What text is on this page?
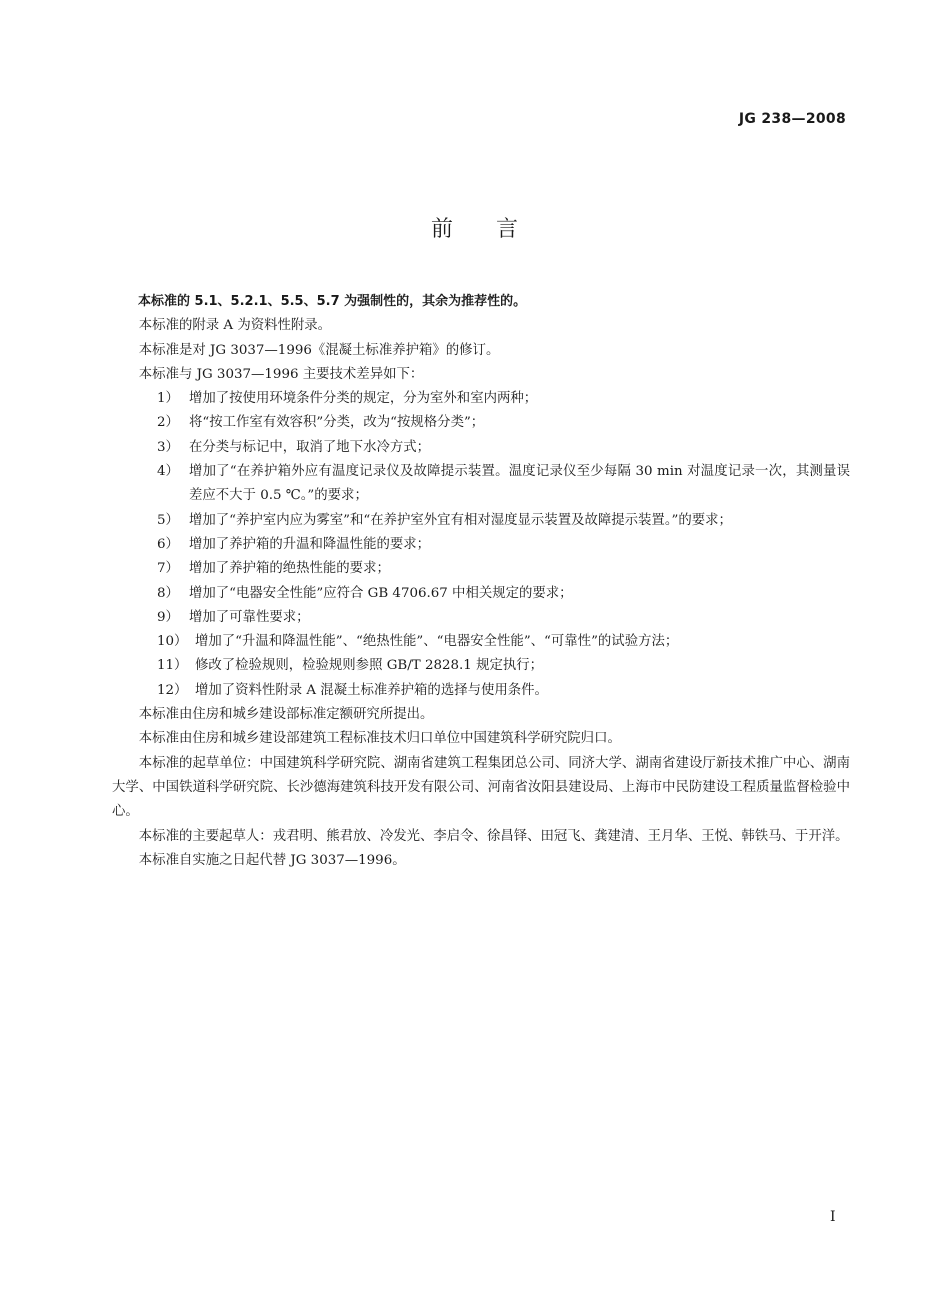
JG 238—2008
前 言

本标准的 5.1、5.2.1、5.5、5.7 为强制性的，其余为推荐性的。

本标准的附录 A 为资料性附录。

本标准是对 JG 3037—1996《混凝土标准养护箱》的修订。

本标准与 JG 3037—1996 主要技术差异如下：

1） 增加了按使用环境条件分类的规定，分为室外和室内两种；
2） 将“按工作室有效容积”分类，改为“按规格分类”；
3） 在分类与标记中，取消了地下水冷方式；
4） 增加了“在养护箱外应有温度记录仪及故障提示装置。温度记录仪至少每隔 30 min 对温度记录一次，其测量误差应不大于 0.5 ℃。”的要求；
5） 增加了“养护室内应为雾室”和“在养护室外宜有相对湿度显示装置及故障提示装置。”的要求；
6） 增加了养护箱的升温和降温性能的要求；
7） 增加了养护箱的绝热性能的要求；
8） 增加了“电器安全性能”应符合 GB 4706.67 中相关规定的要求；
9） 增加了可靠性要求；
10） 增加了“升温和降温性能”、“绝热性能”、“电器安全性能”、“可靠性”的试验方法；
11） 修改了检验规则，检验规则参照 GB/T 2828.1 规定执行；
12） 增加了资料性附录 A 混凝土标准养护箱的选择与使用条件。

本标准由住房和城乡建设部标准定额研究所提出。

本标准由住房和城乡建设部建筑工程标准技术归口单位中国建筑科学研究院归口。

本标准的起草单位：中国建筑科学研究院、湖南省建筑工程集团总公司、同济大学、湖南省建设厅新技术推广中心、湖南大学、中国铁道科学研究院、长沙德海建筑科技开发有限公司、河南省汝阳县建设局、上海市中民防建设工程质量监督检验中心。

本标准的主要起草人：戎君明、熊君放、冷发光、李启令、徐昌铎、田冠飞、龚建清、王月华、王悦、韩铁马、于开洋。

本标准自实施之日起代替 JG 3037—1996。

I
